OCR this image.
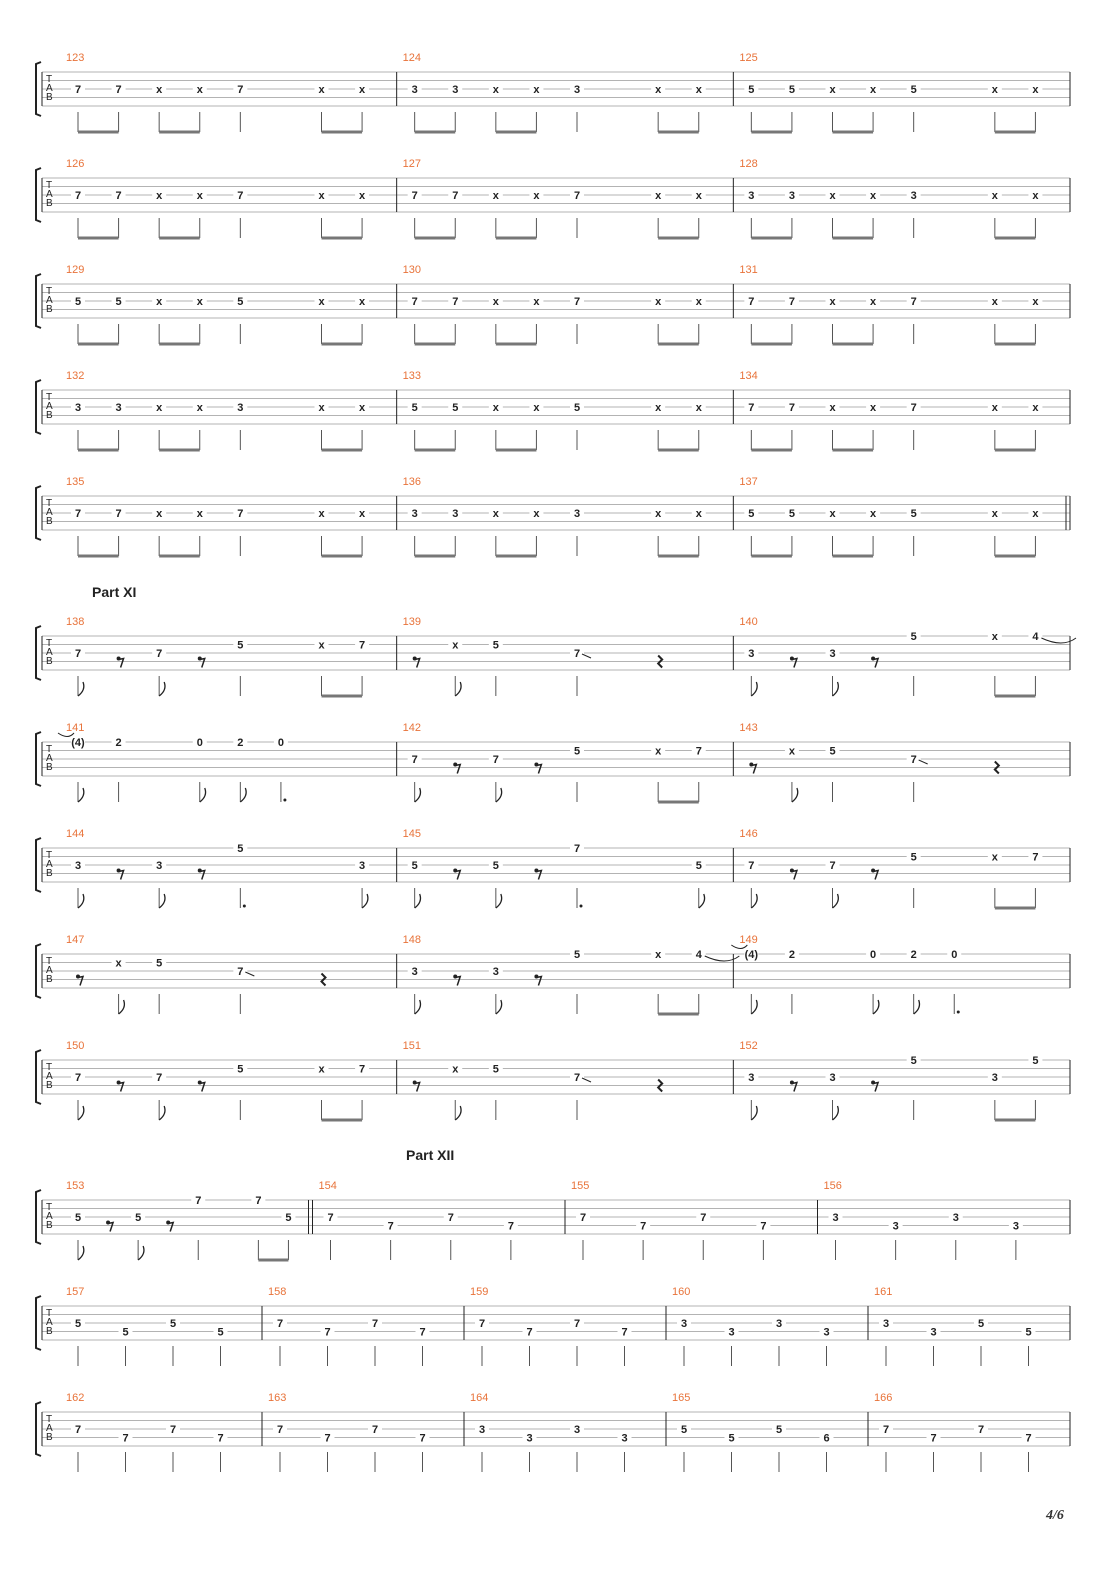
Part XI
Part XII
T
A
B
123
7	7	x	x	7	x	x
124
3	3	x	x	3	x	x
125
5	5	x	x	5	x	x
T
A
B
126
7	7	x	x	7	x	x
127
7	7	x	x	7	x	x
128
3	3	x	x	3	x	x
T
A
B
129
5	5	x	x	5	x	x
130
7	7	x	x	7	x	x
131
7	7	x	x	7	x	x
T
A
B
132
3	3	x	x	3	x	x
133
5	5	x	x	5	x	x
134
7	7	x	x	7	x	x
T
A
B
135
7	7	x	x	7	x	x
136
3	3	x	x	3	x	x
137
5	5	x	x	5	x	x
T
A
B
138
7	7
5	x	7
139
x	5
7
140
3	3
5	x	4
T
A
B
141
(4)	2	0	2	0
142
7	7
5	x	7
143
x	5
7
T
A
B
144
3	3
5
3
145
5	5
7
5
146
7	7
5	x	7
T
A
B
147
x	5
7
148
3	3
5	x	4
149
(4)	2	0	2	0
T
A
B
150
7	7
5	x	7
151
x	5
7
152
3	3
5
3
5
T
A
B
153
5	5
7	7
5
154
7
7
7
7
155
7
7
7
7
156
3
3
3
3
T
A
B
157
5
5
5
5
158
7
7
7
7
159
7
7
7
7
160
3
3
3
3
161
3
3
5
5
T
A
B
162
7
7
7
7
163
7
7
7
7
164
3
3
3
3
165
5
5
5
6
166
7
7
7
7
4/6
